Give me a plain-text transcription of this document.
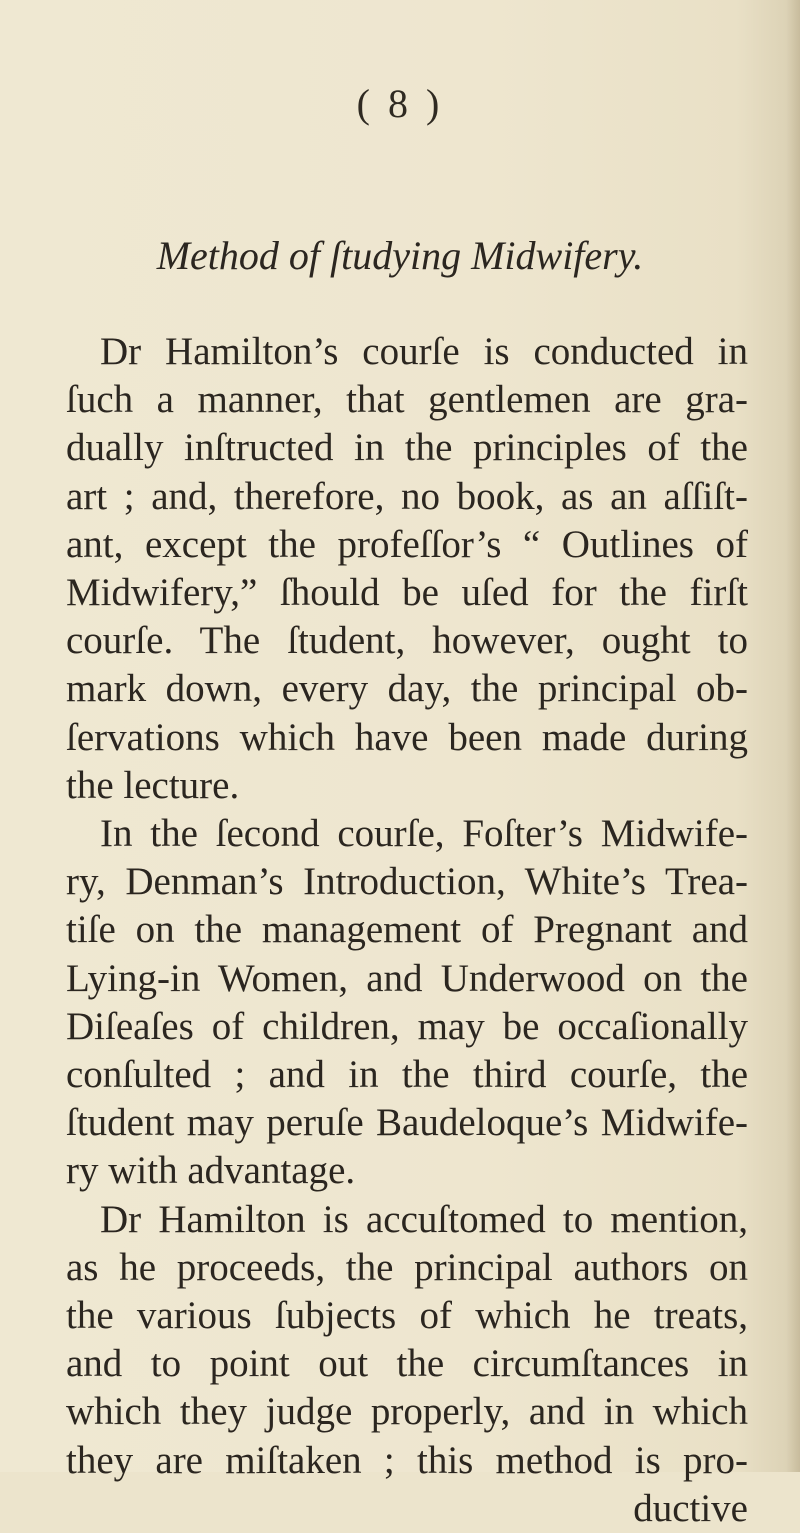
( 8 )
Method of ſtudying Midwifery.
Dr Hamilton’s courſe is conducted in
ſuch a manner, that gentlemen are gra-
dually inſtructed in the principles of the
art ; and, therefore, no book, as an aſſiſt-
ant, except the profeſſor’s “ Outlines of
Midwifery,” ſhould be uſed for the firſt
courſe. The ſtudent, however, ought to
mark down, every day, the principal ob-
ſervations which have been made during
the lecture.
In the ſecond courſe, Foſter’s Midwife-
ry, Denman’s Introduction, White’s Trea-
tiſe on the management of Pregnant and
Lying-in Women, and Underwood on the
Diſeaſes of children, may be occaſionally
conſulted ; and in the third courſe, the
ſtudent may peruſe Baudeloque’s Midwife-
ry with advantage.
Dr Hamilton is accuſtomed to mention,
as he proceeds, the principal authors on
the various ſubjects of which he treats,
and to point out the circumſtances in
which they judge properly, and in which
they are miſtaken ; this method is pro-
ductive
